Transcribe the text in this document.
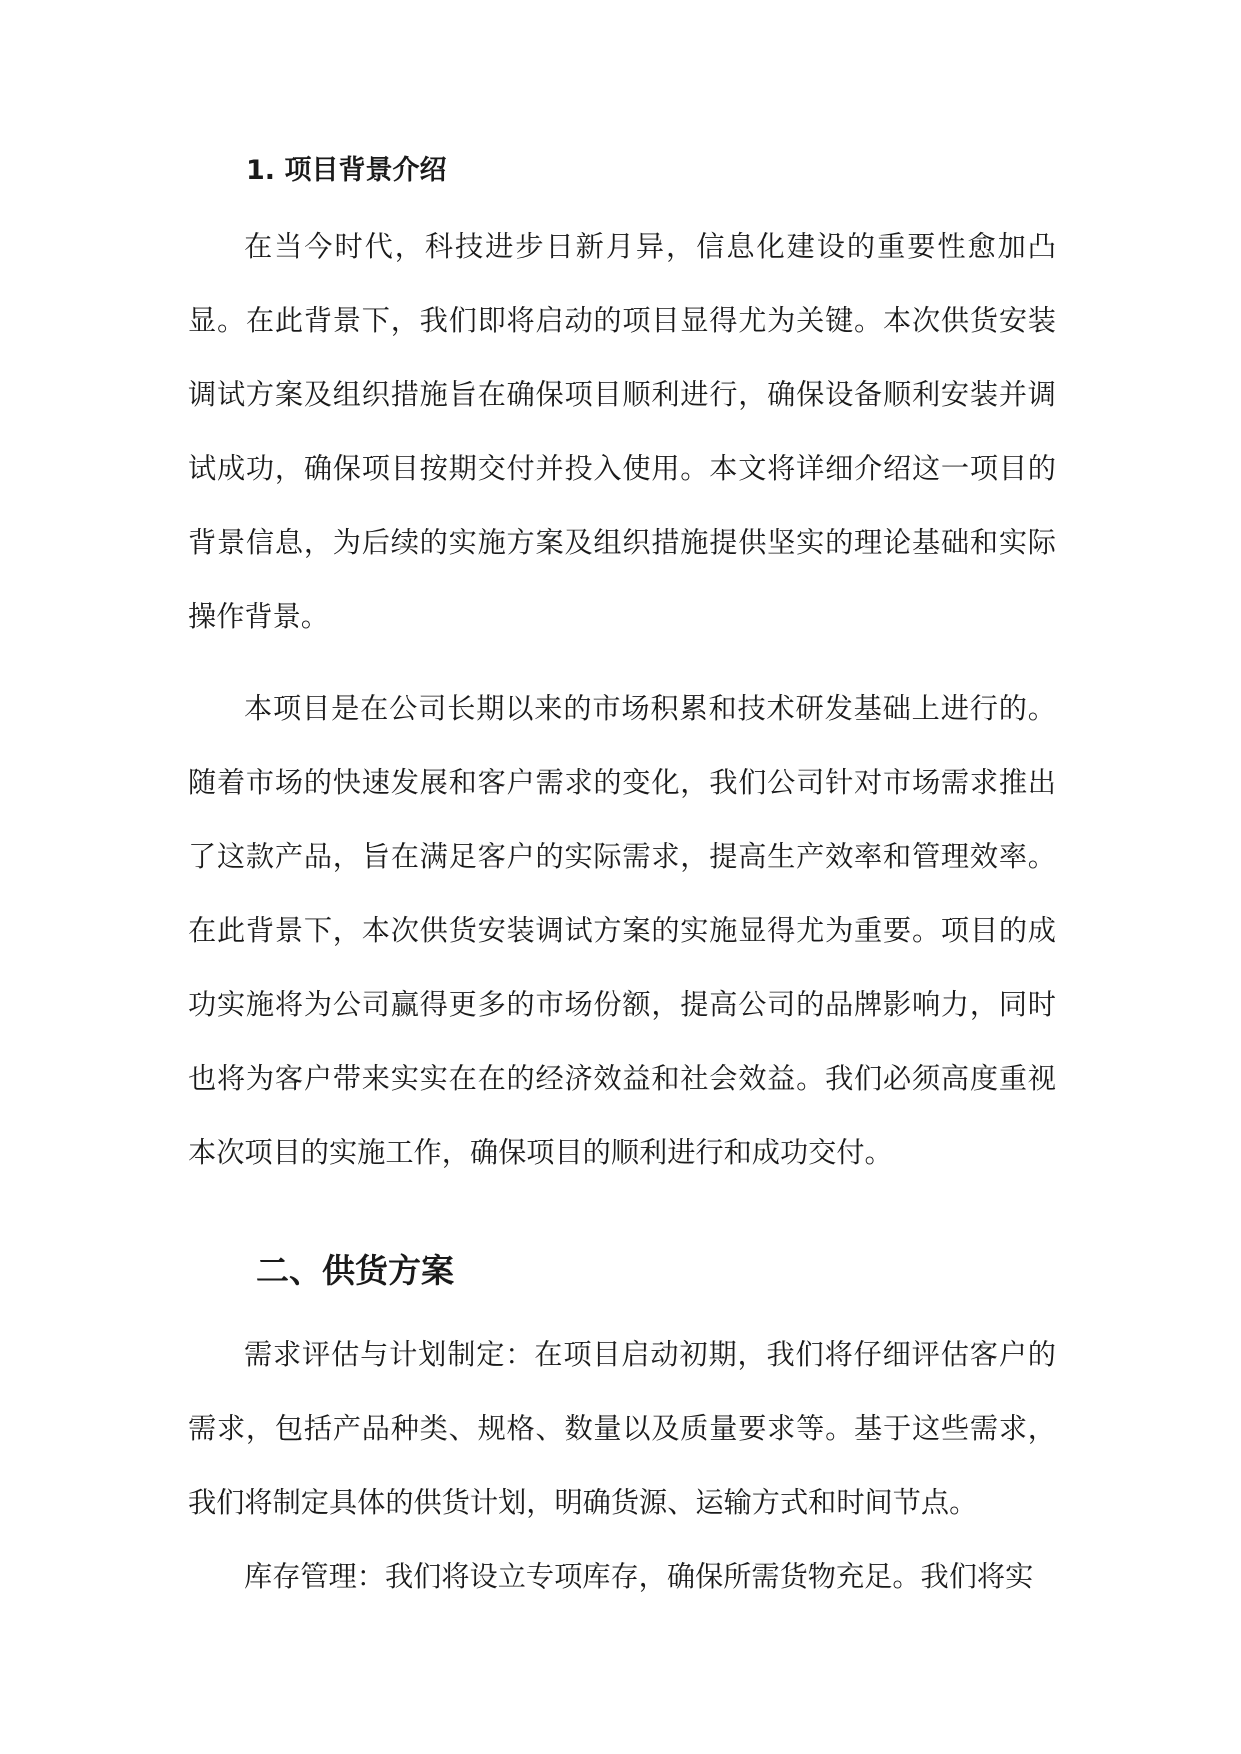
1. 项目背景介绍

在当今时代，科技进步日新月异，信息化建设的重要性愈加凸显。在此背景下，我们即将启动的项目显得尤为关键。本次供货安装调试方案及组织措施旨在确保项目顺利进行，确保设备顺利安装并调试成功，确保项目按期交付并投入使用。本文将详细介绍这一项目的背景信息，为后续的实施方案及组织措施提供坚实的理论基础和实际操作背景。

本项目是在公司长期以来的市场积累和技术研发基础上进行的。随着市场的快速发展和客户需求的变化，我们公司针对市场需求推出了这款产品，旨在满足客户的实际需求，提高生产效率和管理效率。在此背景下，本次供货安装调试方案的实施显得尤为重要。项目的成功实施将为公司赢得更多的市场份额，提高公司的品牌影响力，同时也将为客户带来实实在在的经济效益和社会效益。我们必须高度重视本次项目的实施工作，确保项目的顺利进行和成功交付。

二、供货方案

需求评估与计划制定：在项目启动初期，我们将仔细评估客户的需求，包括产品种类、规格、数量以及质量要求等。基于这些需求，我们将制定具体的供货计划，明确货源、运输方式和时间节点。

库存管理：我们将设立专项库存，确保所需货物充足。我们将实
